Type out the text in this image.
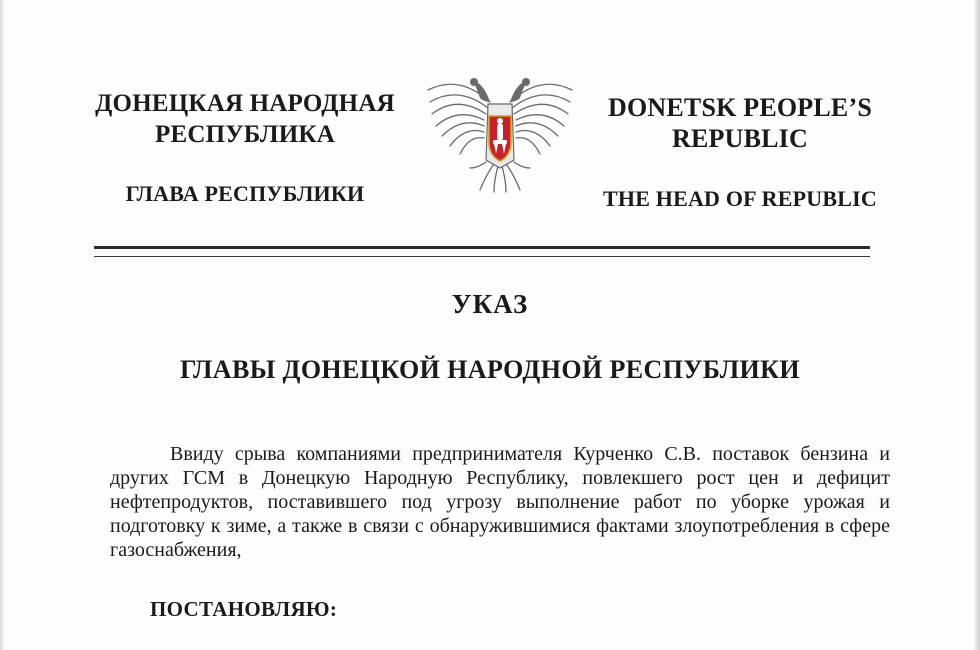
ДОНЕЦКАЯ НАРОДНАЯ
РЕСПУБЛИКА
ГЛАВА РЕСПУБЛИКИ
DONETSK PEOPLE’S
REPUBLIC
THE HEAD OF REPUBLIC
УКАЗ
ГЛАВЫ ДОНЕЦКОЙ НАРОДНОЙ РЕСПУБЛИКИ
Ввиду срыва компаниями предпринимателя Курченко С.В. поставок бензина и других ГСМ в Донецкую Народную Республику, повлекшего рост цен и дефицит нефтепродуктов, поставившего под угрозу выполнение работ по уборке урожая и подготовку к зиме, а также в связи с обнаружившимися фактами злоупотребления в сфере газоснабжения,
ПОСТАНОВЛЯЮ:
